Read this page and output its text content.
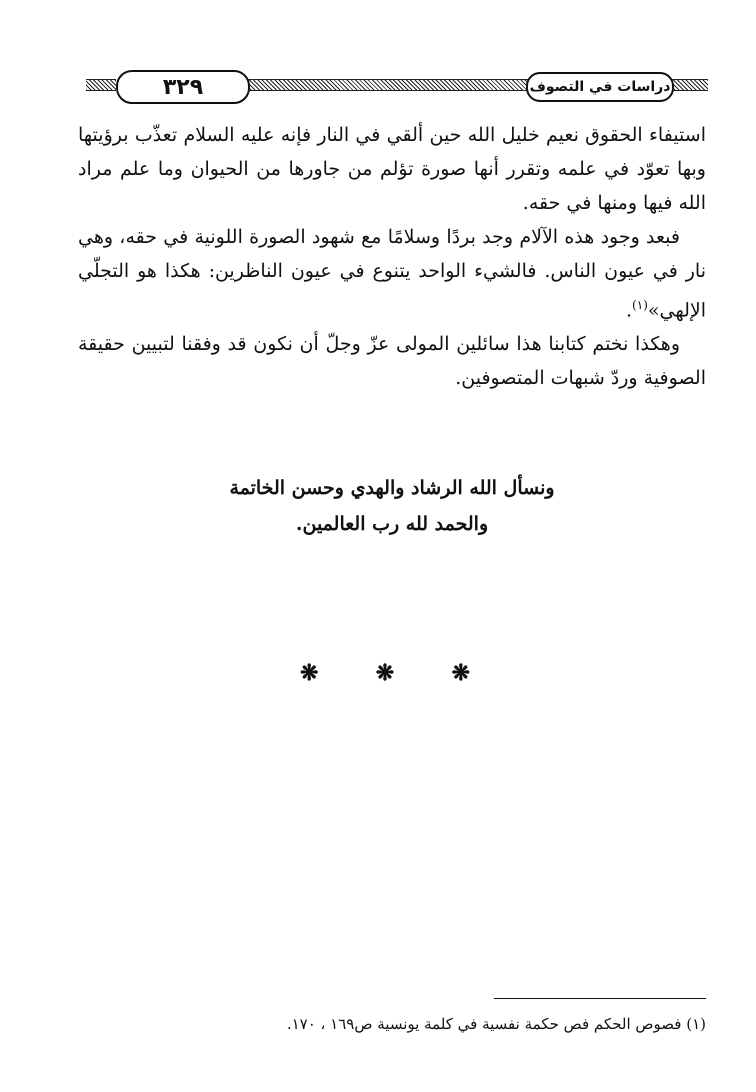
٣٢٩	دراسات في التصوف

استيفاء الحقوق نعيم خليل الله حين ألقي في النار فإنه عليه السلام تعذّب برؤيتها وبها تعوّد في علمه وتقرر أنها صورة تؤلم من جاورها من الحيوان وما علم مراد الله فيها ومنها في حقه.

فبعد وجود هذه الآلام وجد بردًا وسلامًا مع شهود الصورة اللونية في حقه، وهي نار في عيون الناس. فالشيء الواحد يتنوع في عيون الناظرين: هكذا هو التجلّي الإلهي»$^{(١)}$.

وهكذا نختم كتابنا هذا سائلين المولى عزّ وجلّ أن نكون قد وفقنا لتبيين حقيقة الصوفية وردّ شبهات المتصوفين.

ونسأل الله الرشاد والهدي وحسن الخاتمة

والحمد لله رب العالمين.

❋	❋	❋
(١) فصوص الحكم فص حكمة نفسية في كلمة يونسية ص١٦٩ ، ١٧٠.
